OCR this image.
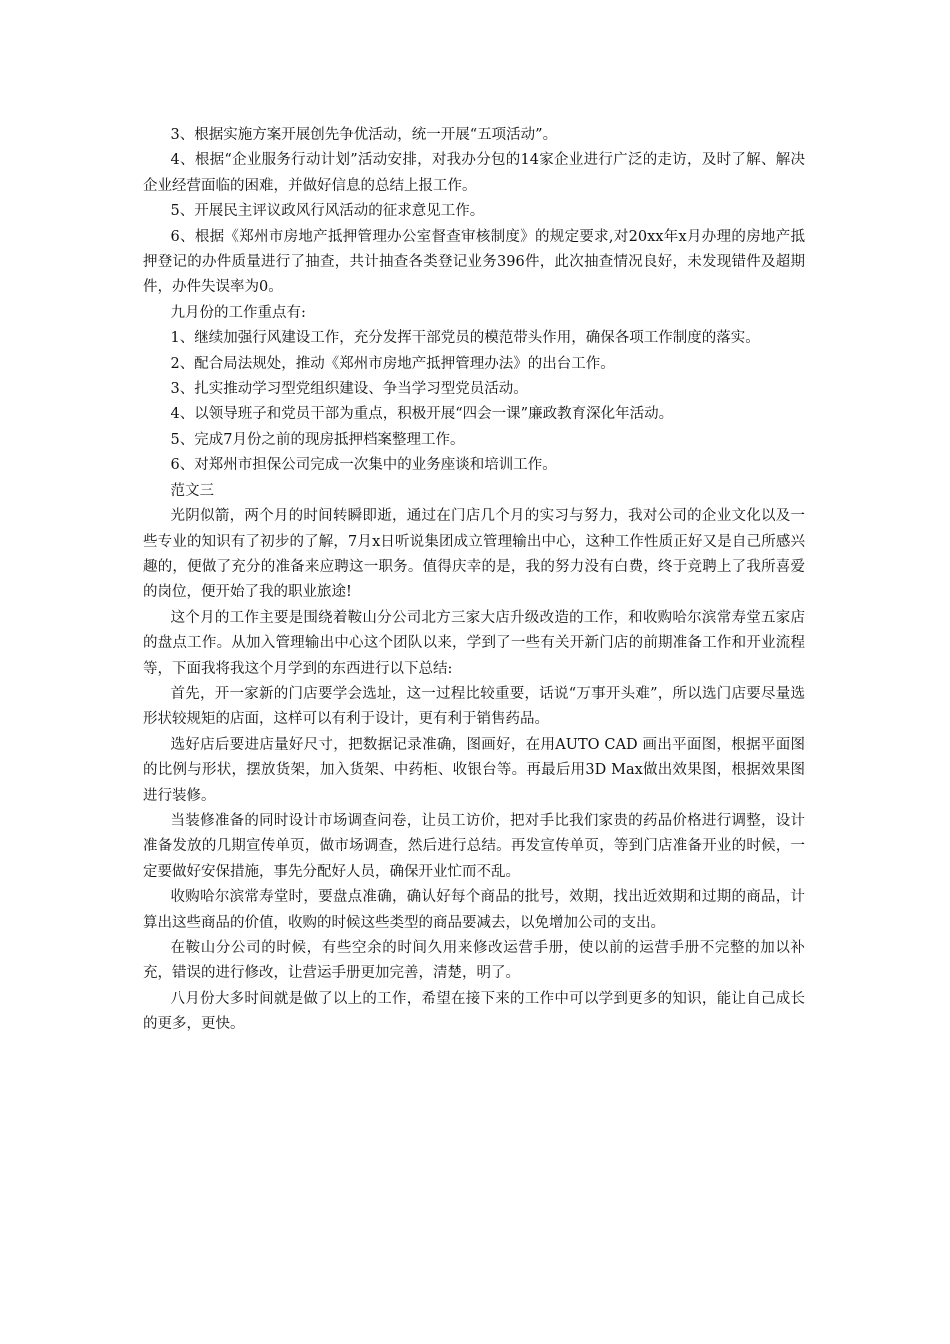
3、根据实施方案开展创先争优活动，统一开展“五项活动”。

4、根据“企业服务行动计划”活动安排，对我办分包的14家企业进行广泛的走访，及时了解、解决企业经营面临的困难，并做好信息的总结上报工作。

5、开展民主评议政风行风活动的征求意见工作。

6、根据《郑州市房地产抵押管理办公室督查审核制度》的规定要求,对20xx年x月办理的房地产抵押登记的办件质量进行了抽查，共计抽查各类登记业务396件，此次抽查情况良好，未发现错件及超期件，办件失误率为0。

九月份的工作重点有:

1、继续加强行风建设工作，充分发挥干部党员的模范带头作用，确保各项工作制度的落实。

2、配合局法规处，推动《郑州市房地产抵押管理办法》的出台工作。

3、扎实推动学习型党组织建设、争当学习型党员活动。

4、以领导班子和党员干部为重点，积极开展“四会一课”廉政教育深化年活动。

5、完成7月份之前的现房抵押档案整理工作。

6、对郑州市担保公司完成一次集中的业务座谈和培训工作。

范文三

光阴似箭，两个月的时间转瞬即逝，通过在门店几个月的实习与努力，我对公司的企业文化以及一些专业的知识有了初步的了解，7月x日听说集团成立管理输出中心，这种工作性质正好又是自己所感兴趣的，便做了充分的准备来应聘这一职务。值得庆幸的是，我的努力没有白费，终于竞聘上了我所喜爱的岗位，便开始了我的职业旅途!

这个月的工作主要是围绕着鞍山分公司北方三家大店升级改造的工作，和收购哈尔滨常寿堂五家店的盘点工作。从加入管理输出中心这个团队以来，学到了一些有关开新门店的前期准备工作和开业流程等，下面我将我这个月学到的东西进行以下总结:

首先，开一家新的门店要学会选址，这一过程比较重要，话说“万事开头难”，所以选门店要尽量选形状较规矩的店面，这样可以有利于设计，更有利于销售药品。

选好店后要进店量好尺寸，把数据记录准确，图画好，在用AUTO CAD 画出平面图，根据平面图的比例与形状，摆放货架，加入货架、中药柜、收银台等。再最后用3D Max做出效果图，根据效果图进行装修。

当装修准备的同时设计市场调查问卷，让员工访价，把对手比我们家贵的药品价格进行调整，设计准备发放的几期宣传单页，做市场调查，然后进行总结。再发宣传单页，等到门店准备开业的时候，一定要做好安保措施，事先分配好人员，确保开业忙而不乱。

收购哈尔滨常寿堂时，要盘点准确，确认好每个商品的批号，效期，找出近效期和过期的商品，计算出这些商品的价值，收购的时候这些类型的商品要减去，以免增加公司的支出。

在鞍山分公司的时候，有些空余的时间久用来修改运营手册，使以前的运营手册不完整的加以补充，错误的进行修改，让营运手册更加完善，清楚，明了。

八月份大多时间就是做了以上的工作，希望在接下来的工作中可以学到更多的知识，能让自己成长的更多，更快。
